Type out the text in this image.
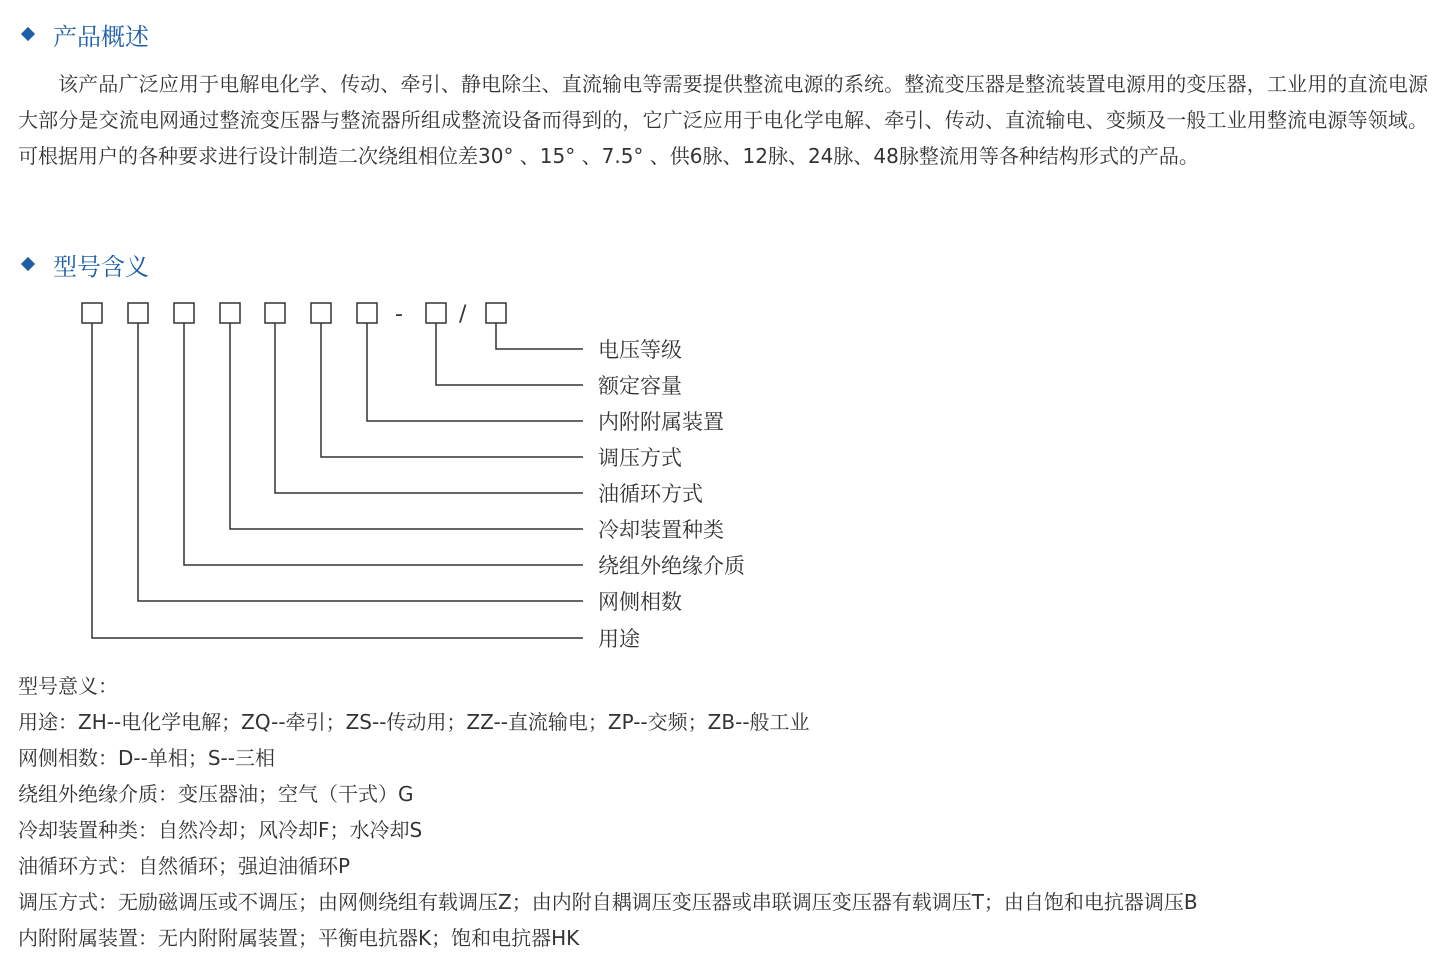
产品概述

该产品广泛应用于电解电化学、传动、牵引、静电除尘、直流输电等需要提供整流电源的系统。整流变压器是整流装置电源用的变压器，工业用的直流电源大部分是交流电网通过整流变压器与整流器所组成整流设备而得到的，它广泛应用于电化学电解、牵引、传动、直流输电、变频及一般工业用整流电源等领域。可根据用户的各种要求进行设计制造二次绕组相位差30° 、15° 、7.5° 、供6脉、12脉、24脉、48脉整流用等各种结构形式的产品。

型号含义
-	/
电压等级
额定容量
内附附属装置
调压方式
油循环方式
冷却装置种类
绕组外绝缘介质
网侧相数
用途
型号意义：
用途：ZH--电化学电解；ZQ--牵引；ZS--传动用；ZZ--直流输电；ZP--交频；ZB--般工业
网侧相数：D--单相；S--三相
绕组外绝缘介质：变压器油；空气（干式）G
冷却装置种类：自然冷却；风冷却F；水冷却S
油循环方式：自然循环；强迫油循环P
调压方式：无励磁调压或不调压；由网侧绕组有载调压Z；由内附自耦调压变压器或串联调压变压器有载调压T；由自饱和电抗器调压B
内附附属装置：无内附附属装置；平衡电抗器K；饱和电抗器HK
